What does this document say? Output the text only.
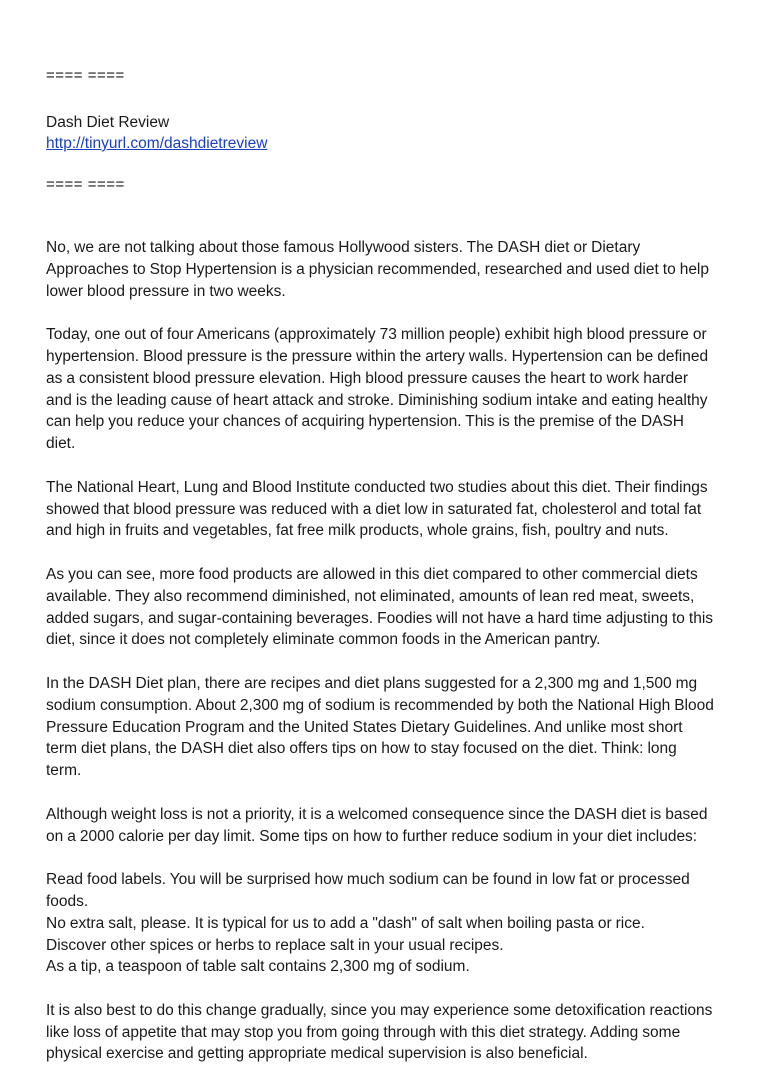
==== ====
Dash Diet Review
http://tinyurl.com/dashdietreview
==== ====

No, we are not talking about those famous Hollywood sisters. The DASH diet or Dietary
Approaches to Stop Hypertension is a physician recommended, researched and used diet to help
lower blood pressure in two weeks.

Today, one out of four Americans (approximately 73 million people) exhibit high blood pressure or
hypertension. Blood pressure is the pressure within the artery walls. Hypertension can be defined
as a consistent blood pressure elevation. High blood pressure causes the heart to work harder
and is the leading cause of heart attack and stroke. Diminishing sodium intake and eating healthy
can help you reduce your chances of acquiring hypertension. This is the premise of the DASH
diet.

The National Heart, Lung and Blood Institute conducted two studies about this diet. Their findings
showed that blood pressure was reduced with a diet low in saturated fat, cholesterol and total fat
and high in fruits and vegetables, fat free milk products, whole grains, fish, poultry and nuts.

As you can see, more food products are allowed in this diet compared to other commercial diets
available. They also recommend diminished, not eliminated, amounts of lean red meat, sweets,
added sugars, and sugar-containing beverages. Foodies will not have a hard time adjusting to this
diet, since it does not completely eliminate common foods in the American pantry.

In the DASH Diet plan, there are recipes and diet plans suggested for a 2,300 mg and 1,500 mg
sodium consumption. About 2,300 mg of sodium is recommended by both the National High Blood
Pressure Education Program and the United States Dietary Guidelines. And unlike most short
term diet plans, the DASH diet also offers tips on how to stay focused on the diet. Think: long
term.

Although weight loss is not a priority, it is a welcomed consequence since the DASH diet is based
on a 2000 calorie per day limit. Some tips on how to further reduce sodium in your diet includes:

Read food labels. You will be surprised how much sodium can be found in low fat or processed
foods.
No extra salt, please. It is typical for us to add a "dash" of salt when boiling pasta or rice.
Discover other spices or herbs to replace salt in your usual recipes.
As a tip, a teaspoon of table salt contains 2,300 mg of sodium.

It is also best to do this change gradually, since you may experience some detoxification reactions
like loss of appetite that may stop you from going through with this diet strategy. Adding some
physical exercise and getting appropriate medical supervision is also beneficial.
